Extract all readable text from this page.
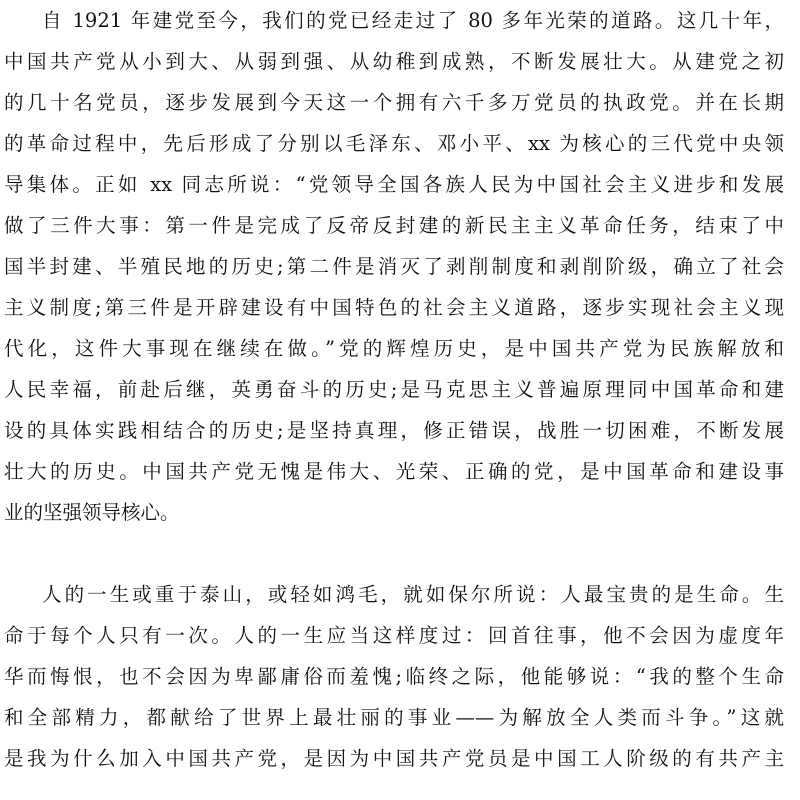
自 1921 年建党至今，我们的党已经走过了 80 多年光荣的道路。这几十年，
中国共产党从小到大、从弱到强、从幼稚到成熟，不断发展壮大。从建党之初
的几十名党员，逐步发展到今天这一个拥有六千多万党员的执政党。并在长期
的革命过程中，先后形成了分别以毛泽东、邓小平、xx 为核心的三代党中央领
导集体。正如 xx 同志所说：“党领导全国各族人民为中国社会主义进步和发展
做了三件大事：第一件是完成了反帝反封建的新民主主义革命任务，结束了中
国半封建、半殖民地的历史;第二件是消灭了剥削制度和剥削阶级，确立了社会
主义制度;第三件是开辟建设有中国特色的社会主义道路，逐步实现社会主义现
代化，这件大事现在继续在做。”党的辉煌历史，是中国共产党为民族解放和
人民幸福，前赴后继，英勇奋斗的历史;是马克思主义普遍原理同中国革命和建
设的具体实践相结合的历史;是坚持真理，修正错误，战胜一切困难，不断发展
壮大的历史。中国共产党无愧是伟大、光荣、正确的党，是中国革命和建设事
业的坚强领导核心。
人的一生或重于泰山，或轻如鸿毛，就如保尔所说：人最宝贵的是生命。生
命于每个人只有一次。人的一生应当这样度过：回首往事，他不会因为虚度年
华而悔恨，也不会因为卑鄙庸俗而羞愧;临终之际，他能够说：“我的整个生命
和全部精力，都献给了世界上最壮丽的事业——为解放全人类而斗争。”这就
是我为什么加入中国共产党，是因为中国共产党员是中国工人阶级的有共产主
